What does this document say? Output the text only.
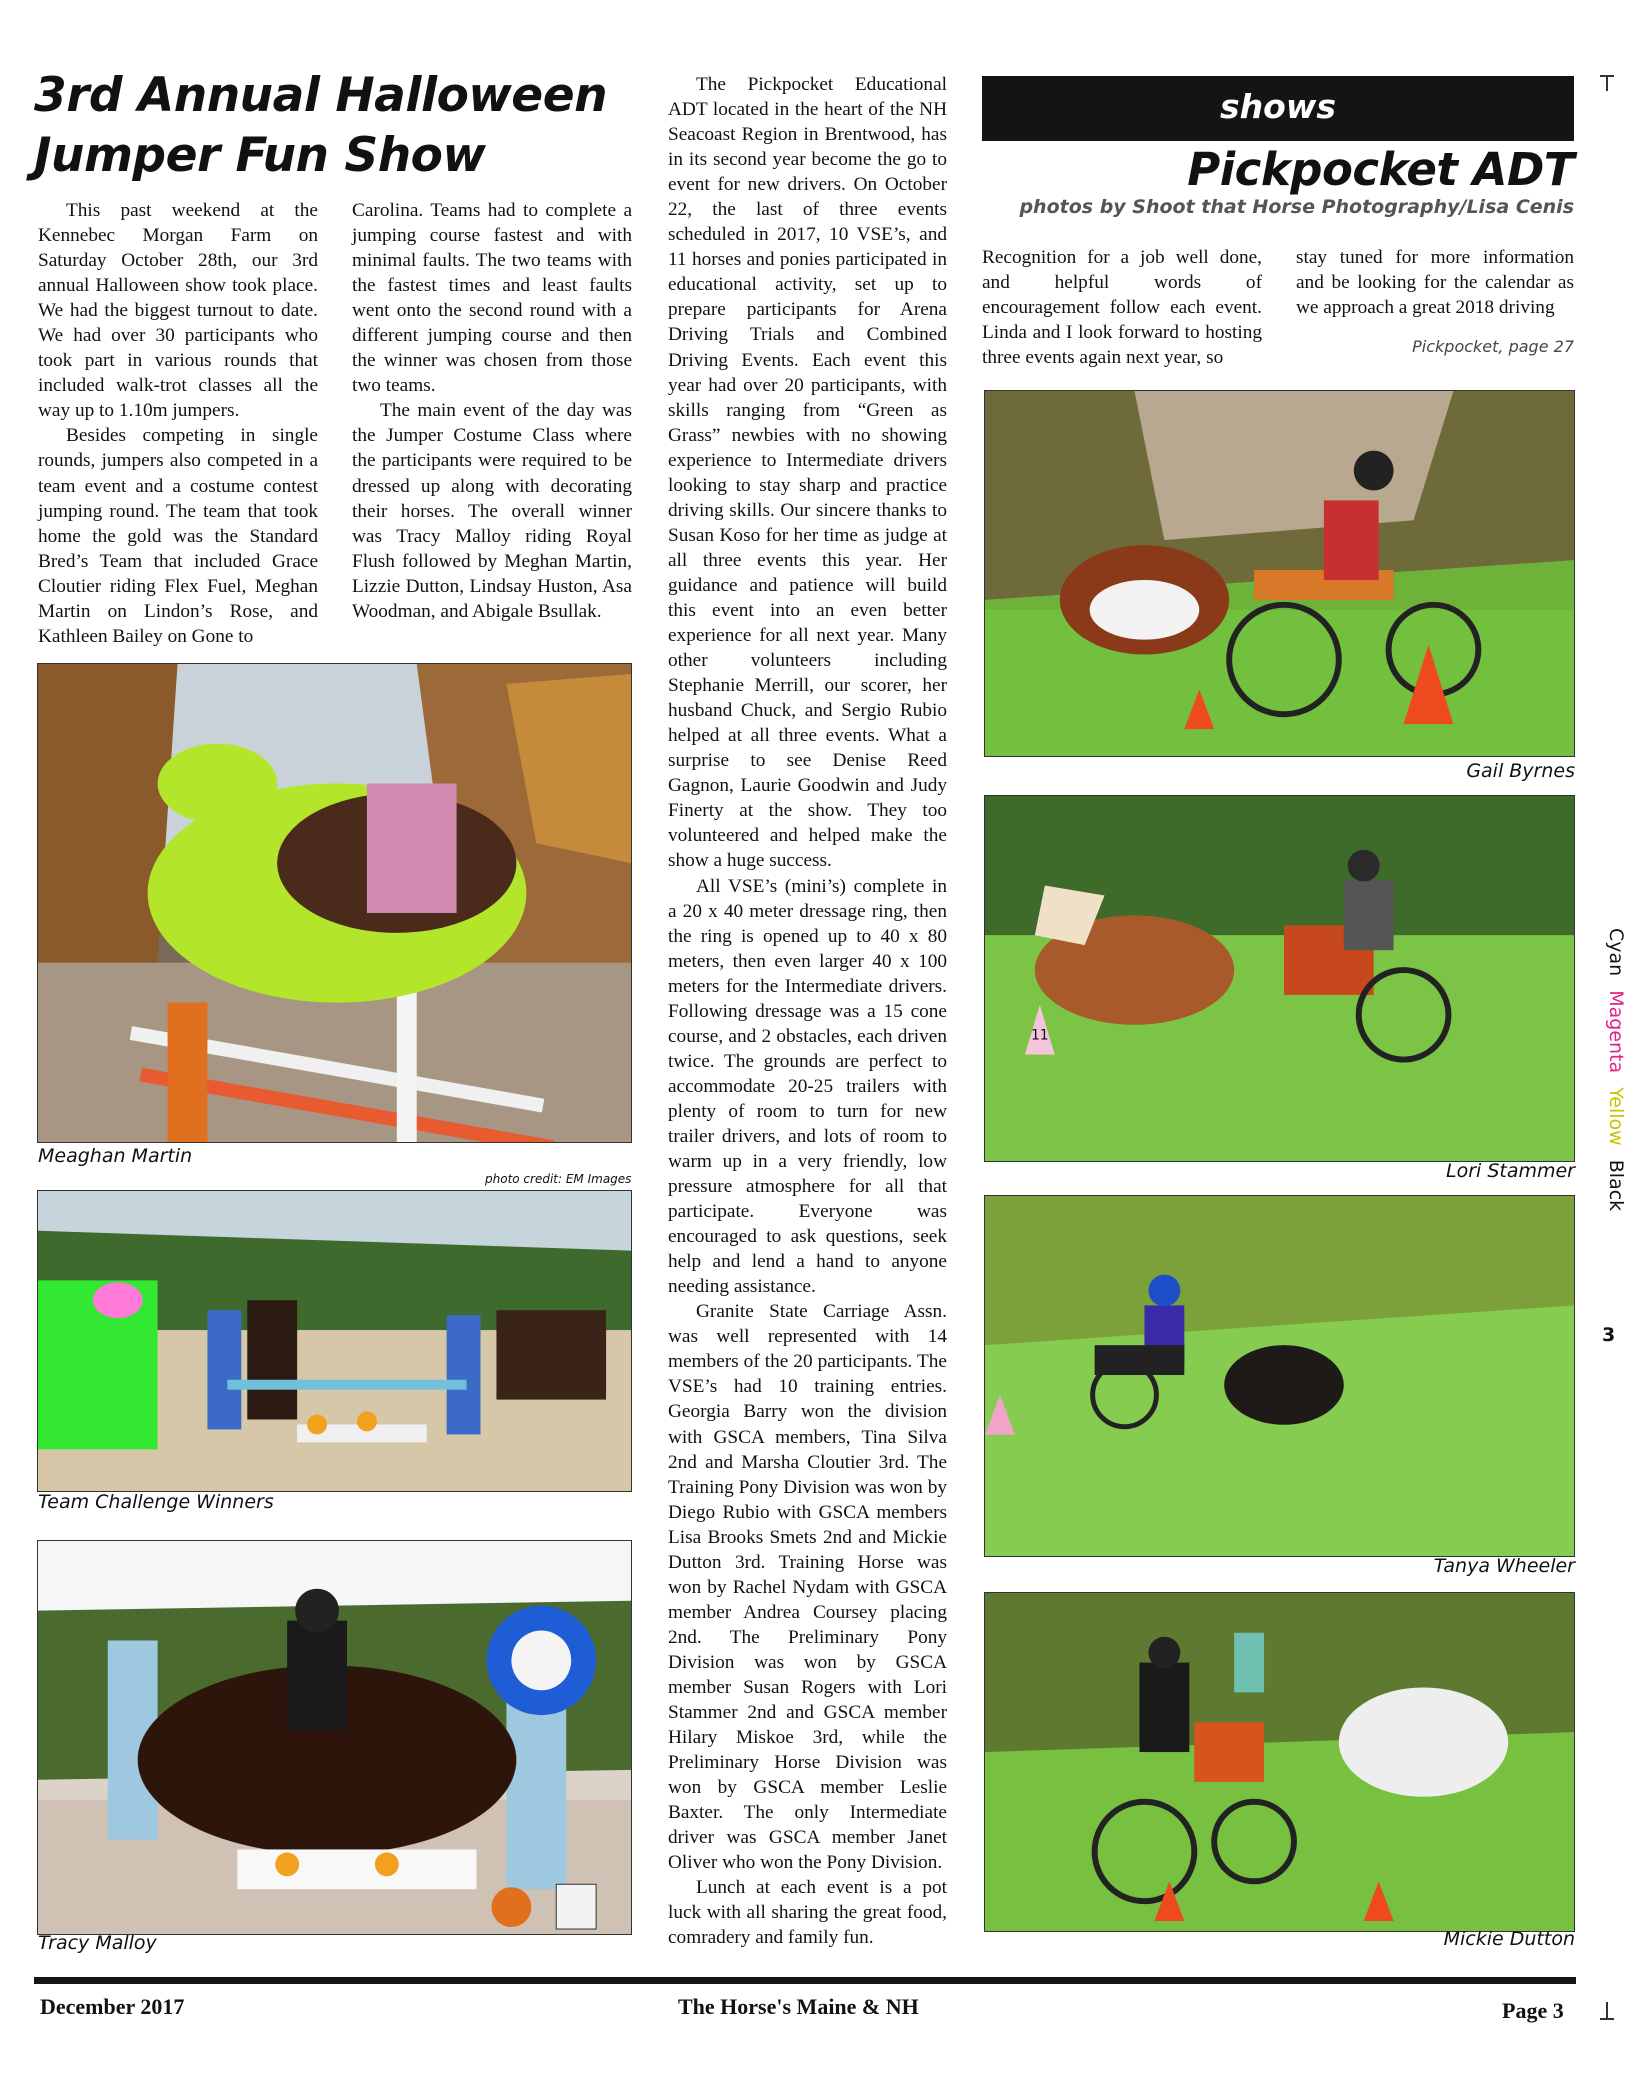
3rd Annual Halloween
Jumper Fun Show

This past weekend at the Kennebec Morgan Farm on Saturday October 28th, our 3rd annual Halloween show took place. We had the biggest turnout to date. We had over 30 participants who took part in various rounds that included walk-trot classes all the way up to 1.10m jumpers.

Besides competing in single rounds, jumpers also competed in a team event and a costume contest jumping round. The team that took home the gold was the Standard Bred’s Team that included Grace Cloutier riding Flex Fuel, Meghan Martin on Lindon’s Rose, and Kathleen Bailey on Gone to

Carolina. Teams had to complete a jumping course fastest and with minimal faults. The two teams with the fastest times and least faults went onto the second round with a different jumping course and then the winner was chosen from those two teams.

The main event of the day was the Jumper Costume Class where the participants were required to be dressed up along with decorating their horses. The overall winner was Tracy Malloy riding Royal Flush followed by Meghan Martin, Lizzie Dutton, Lindsay Huston, Asa Woodman, and Abigale Bsullak.

Meaghan Martin
photo credit: EM Images
Team Challenge Winners
Tracy Malloy

The Pickpocket Educational ADT located in the heart of the NH Seacoast Region in Brentwood, has in its second year become the go to event for new drivers. On October 22, the last of three events scheduled in 2017, 10 VSE’s, and 11 horses and ponies participated in educational activity, set up to prepare participants for Arena Driving Trials and Combined Driving Events. Each event this year had over 20 participants, with skills ranging from “Green as Grass” newbies with no showing experience to Intermediate drivers looking to stay sharp and practice driving skills. Our sincere thanks to Susan Koso for her time as judge at all three events this year. Her guidance and patience will build this event into an even better experience for all next year. Many other volunteers including Stephanie Merrill, our scorer, her husband Chuck, and Sergio Rubio helped at all three events. What a surprise to see Denise Reed Gagnon, Laurie Goodwin and Judy Finerty at the show. They too volunteered and helped make the show a huge success.

All VSE’s (mini’s) complete in a 20 x 40 meter dressage ring, then the ring is opened up to 40 x 80 meters, then even larger 40 x 100 meters for the Intermediate drivers. Following dressage was a 15 cone course, and 2 obstacles, each driven twice. The grounds are perfect to accommodate 20-25 trailers with plenty of room to turn for new trailer drivers, and lots of room to warm up in a very friendly, low pressure atmosphere for all that participate. Everyone was encouraged to ask questions, seek help and lend a hand to anyone needing assistance.

Granite State Carriage Assn. was well represented with 14 members of the 20 participants. The VSE’s had 10 training entries. Georgia Barry won the division with GSCA members, Tina Silva 2nd and Marsha Cloutier 3rd. The Training Pony Division was won by Diego Rubio with GSCA members Lisa Brooks Smets 2nd and Mickie Dutton 3rd. Training Horse was won by Rachel Nydam with GSCA member Andrea Coursey placing 2nd. The Preliminary Pony Division was won by GSCA member Susan Rogers with Lori Stammer 2nd and GSCA member Hilary Miskoe 3rd, while the Preliminary Horse Division was won by GSCA member Leslie Baxter. The only Intermediate driver was GSCA member Janet Oliver who won the Pony Division.

Lunch at each event is a pot luck with all sharing the great food, comradery and family fun.

shows
Pickpocket ADT
photos by Shoot that Horse Photography/Lisa Cenis

Recognition for a job well done, and helpful words of encouragement follow each event. Linda and I look forward to hosting three events again next year, so

stay tuned for more information and be looking for the calendar as we approach a great 2018 driving

Pickpocket, page 27
Gail Byrnes
11
Lori Stammer
Tanya Wheeler
Mickie Dutton
Cyan Magenta Yellow Black
3
December 2017	The Horse's Maine & NH	Page 3
